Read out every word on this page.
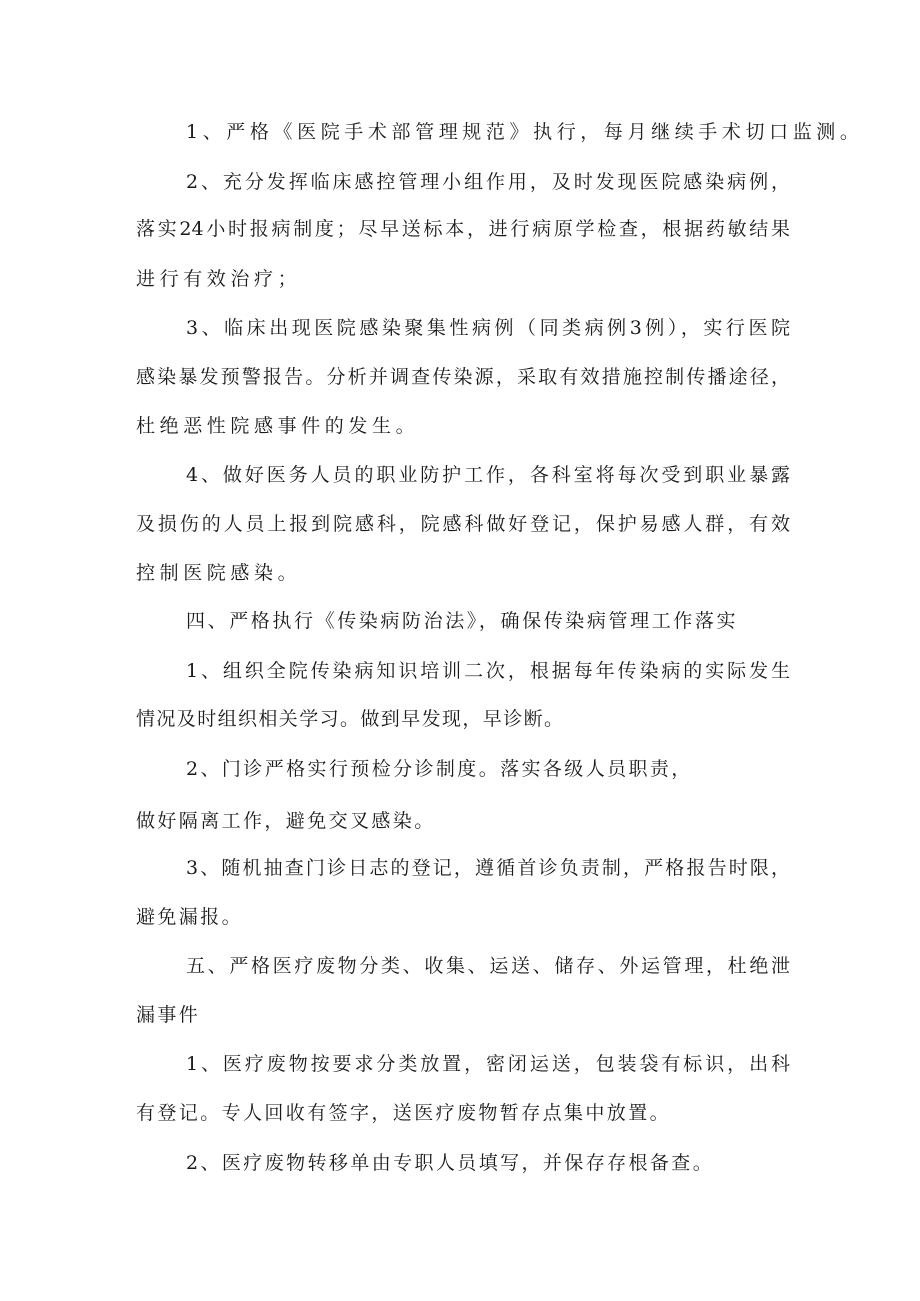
1、严格《医院手术部管理规范》执行，每月继续手术切口监测。

2、充分发挥临床感控管理小组作用，及时发现医院感染病例，

落实24小时报病制度；尽早送标本，进行病原学检查，根据药敏结果

进行有效治疗；

3、临床出现医院感染聚集性病例（同类病例3例），实行医院

感染暴发预警报告。分析并调查传染源，采取有效措施控制传播途径，

杜绝恶性院感事件的发生。

4、做好医务人员的职业防护工作，各科室将每次受到职业暴露

及损伤的人员上报到院感科，院感科做好登记，保护易感人群，有效

控制医院感染。

四、严格执行《传染病防治法》，确保传染病管理工作落实

1、组织全院传染病知识培训二次，根据每年传染病的实际发生

情况及时组织相关学习。做到早发现，早诊断。

2、门诊严格实行预检分诊制度。落实各级人员职责，

做好隔离工作，避免交叉感染。

3、随机抽查门诊日志的登记，遵循首诊负责制，严格报告时限，

避免漏报。

五、严格医疗废物分类、收集、运送、储存、外运管理，杜绝泄

漏事件

1、医疗废物按要求分类放置，密闭运送，包装袋有标识，出科

有登记。专人回收有签字，送医疗废物暂存点集中放置。

2、医疗废物转移单由专职人员填写，并保存存根备查。
